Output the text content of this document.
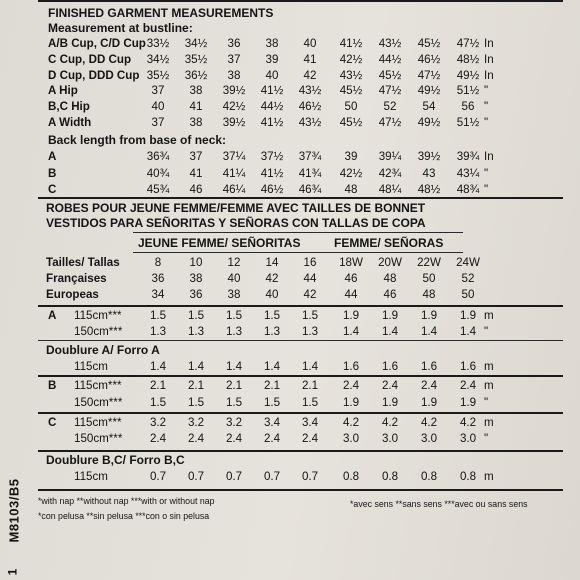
M8103/B5
1
FINISHED GARMENT MEASUREMENTS
Measurement at bustline:
A/B Cup, C/D Cup 33½ 34½ 36 38 40 41½ 43½ 45½ 47½ In
C Cup, DD Cup 34½ 35½ 37 39 41 42½ 44½ 46½ 48½ In
D Cup, DDD Cup 35½ 36½ 38 40 42 43½ 45½ 47½ 49½ In
A Hip	37 38 39½ 41½ 43½ 45½ 47½ 49½ 51½ "
B,C Hip	40 41 42½ 44½ 46½ 50 52 54 56 "
A Width	37 38 39½ 41½ 43½ 45½ 47½ 49½ 51½ "
Back length from base of neck:
A	36¾ 37 37¼ 37½ 37¾ 39 39¼ 39½ 39¾ In
B	40¾ 41 41¼ 41½ 41¾ 42½ 42¾ 43 43¼ "
C	45¾ 46 46¼ 46½ 46¾ 48 48¼ 48½ 48¾ "
ROBES POUR JEUNE FEMME/FEMME AVEC TAILLES DE BONNET
VESTIDOS PARA SEÑORITAS Y SEÑORAS CON TALLAS DE COPA
JEUNE FEMME/ SEÑORITAS	FEMME/ SEÑORAS
Tailles/ Tallas	8 10 12 14 16 18W 20W 22W 24W
Françaises	36 38 40 42 44 46 48 50 52
Europeas	34 36 38 40 42 44 46 48 50
A 115cm*** 1.5 1.5 1.5 1.5 1.5 1.9 1.9 1.9 1.9 m
150cm*** 1.3 1.3 1.3 1.3 1.3 1.4 1.4 1.4 1.4 "
Doublure A/ Forro A
115cm	1.4 1.4 1.4 1.4 1.4 1.6 1.6 1.6 1.6 m
B 115cm*** 2.1 2.1 2.1 2.1 2.1 2.4 2.4 2.4 2.4 m
150cm*** 1.5 1.5 1.5 1.5 1.5 1.9 1.9 1.9 1.9 "
C 115cm*** 3.2 3.2 3.2 3.4 3.4 4.2 4.2 4.2 4.2 m
150cm*** 2.4 2.4 2.4 2.4 2.4 3.0 3.0 3.0 3.0 "
Doublure B,C/ Forro B,C
115cm	0.7 0.7 0.7 0.7 0.7 0.8 0.8 0.8 0.8 m
*with nap **without nap ***with or without nap
*con pelusa **sin pelusa ***con o sin pelusa
*avec sens **sans sens ***avec ou sans sens
